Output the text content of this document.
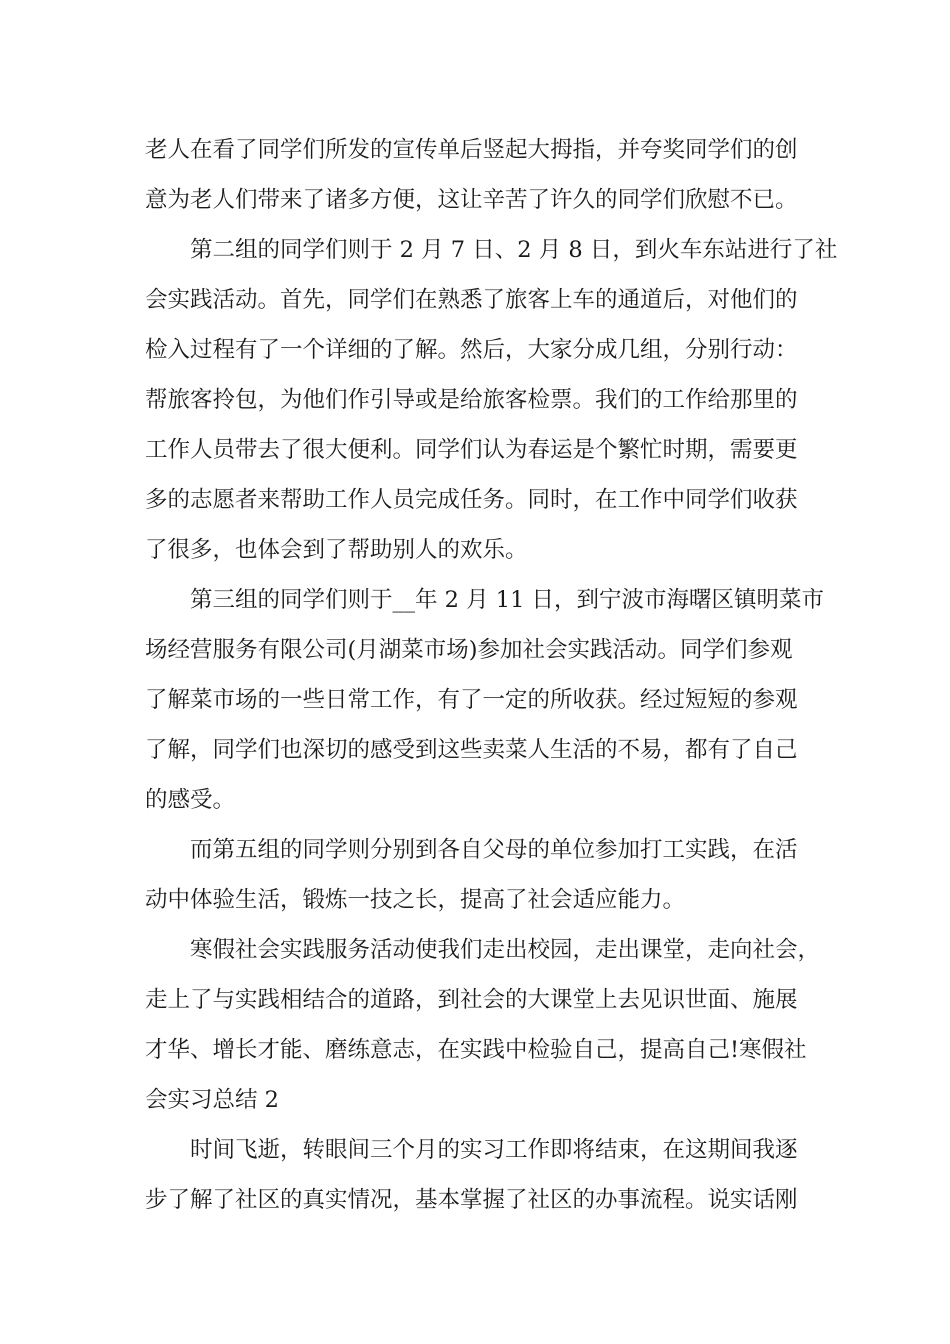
老人在看了同学们所发的宣传单后竖起大拇指，并夸奖同学们的创
意为老人们带来了诸多方便，这让辛苦了许久的同学们欣慰不已。
第二组的同学们则于 2 月 7 日、2 月 8 日，到火车东站进行了社
会实践活动。首先，同学们在熟悉了旅客上车的通道后，对他们的
检入过程有了一个详细的了解。然后，大家分成几组，分别行动：
帮旅客拎包，为他们作引导或是给旅客检票。我们的工作给那里的
工作人员带去了很大便利。同学们认为春运是个繁忙时期，需要更
多的志愿者来帮助工作人员完成任务。同时，在工作中同学们收获
了很多，也体会到了帮助别人的欢乐。
第三组的同学们则于__年 2 月 11 日，到宁波市海曙区镇明菜市
场经营服务有限公司(月湖菜市场)参加社会实践活动。同学们参观
了解菜市场的一些日常工作，有了一定的所收获。经过短短的参观
了解，同学们也深切的感受到这些卖菜人生活的不易，都有了自己
的感受。
而第五组的同学则分别到各自父母的单位参加打工实践，在活
动中体验生活，锻炼一技之长，提高了社会适应能力。
寒假社会实践服务活动使我们走出校园，走出课堂，走向社会，
走上了与实践相结合的道路，到社会的大课堂上去见识世面、施展
才华、增长才能、磨练意志，在实践中检验自己，提高自己!寒假社
会实习总结 2
时间飞逝，转眼间三个月的实习工作即将结束，在这期间我逐
步了解了社区的真实情况，基本掌握了社区的办事流程。说实话刚
